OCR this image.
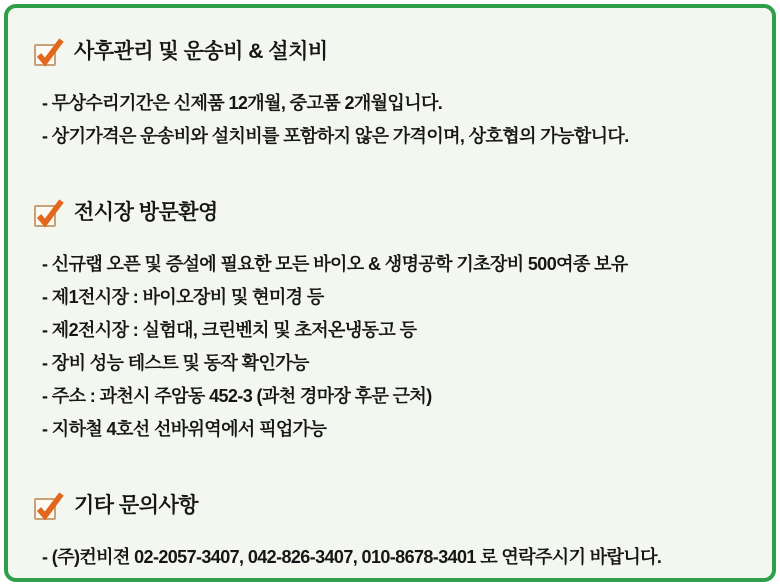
사후관리 및 운송비 & 설치비

- 무상수리기간은 신제품 12개월, 중고품 2개월입니다.

- 상기가격은 운송비와 설치비를 포함하지 않은 가격이며, 상호협의 가능합니다.

전시장 방문환영

- 신규랩 오픈 및 증설에 필요한 모든 바이오 & 생명공학 기초장비 500여종 보유

- 제1전시장 : 바이오장비 및 현미경 등

- 제2전시장 : 실험대, 크린벤치 및 초저온냉동고 등

- 장비 성능 테스트 및 동작 확인가능

- 주소 : 과천시 주암동 452-3 (과천 경마장 후문 근처)

- 지하철 4호선 선바위역에서 픽업가능

기타 문의사항

- (주)컨비젼 02-2057-3407, 042-826-3407, 010-8678-3401 로 연락주시기 바랍니다.
